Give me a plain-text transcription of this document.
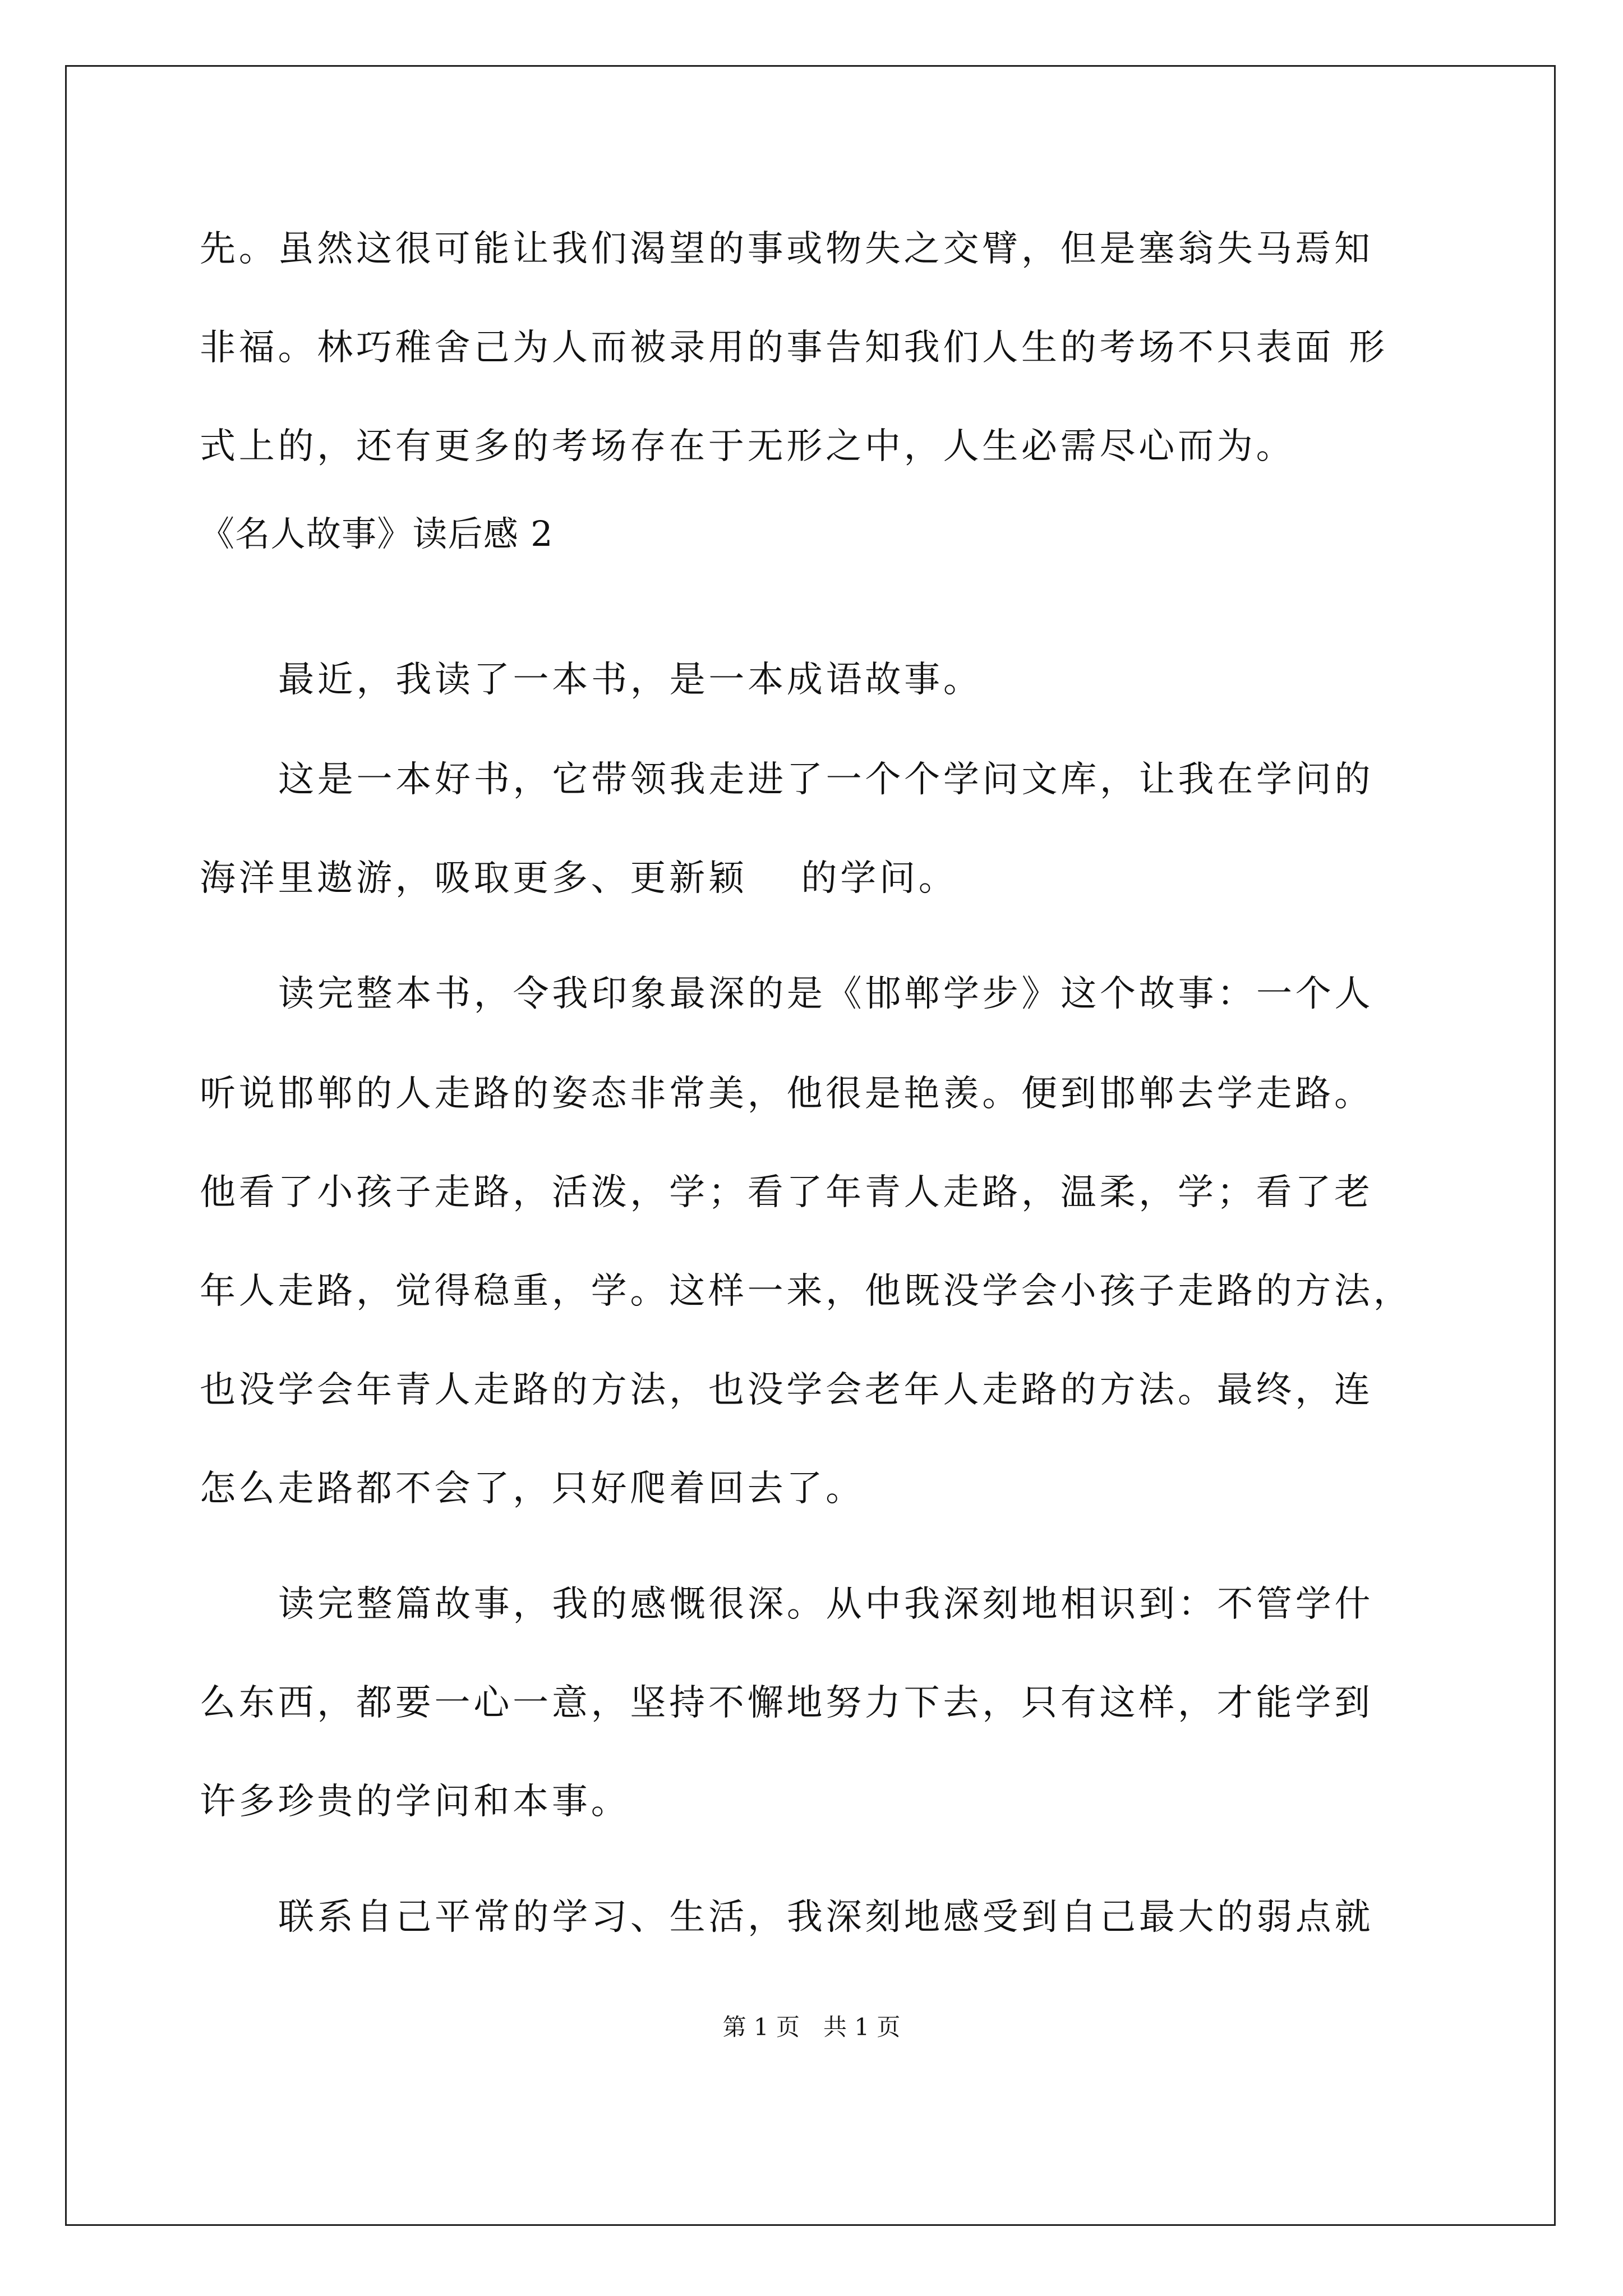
先。虽然这很可能让我们渴望的事或物失之交臂，但是塞翁失马焉知
非福。林巧稚舍己为人而被录用的事告知我们人生的考场不只表面 形
式上的，还有更多的考场存在于无形之中，人生必需尽心而为。
《名人故事》读后感 2
最近，我读了一本书，是一本成语故事。
这是一本好书，它带领我走进了一个个学问文库，让我在学问的
海洋里遨游，吸取更多、更新颖　 的学问。
读完整本书，令我印象最深的是《邯郸学步》这个故事：一个人
听说邯郸的人走路的姿态非常美，他很是艳羡。便到邯郸去学走路。
他看了小孩子走路，活泼，学；看了年青人走路，温柔，学；看了老
年人走路，觉得稳重，学。这样一来，他既没学会小孩子走路的方法，
也没学会年青人走路的方法，也没学会老年人走路的方法。最终，连
怎么走路都不会了，只好爬着回去了。
读完整篇故事，我的感慨很深。从中我深刻地相识到：不管学什
么东西，都要一心一意，坚持不懈地努力下去，只有这样，才能学到
许多珍贵的学问和本事。
联系自己平常的学习、生活，我深刻地感受到自己最大的弱点就
第 1 页　共 1 页
